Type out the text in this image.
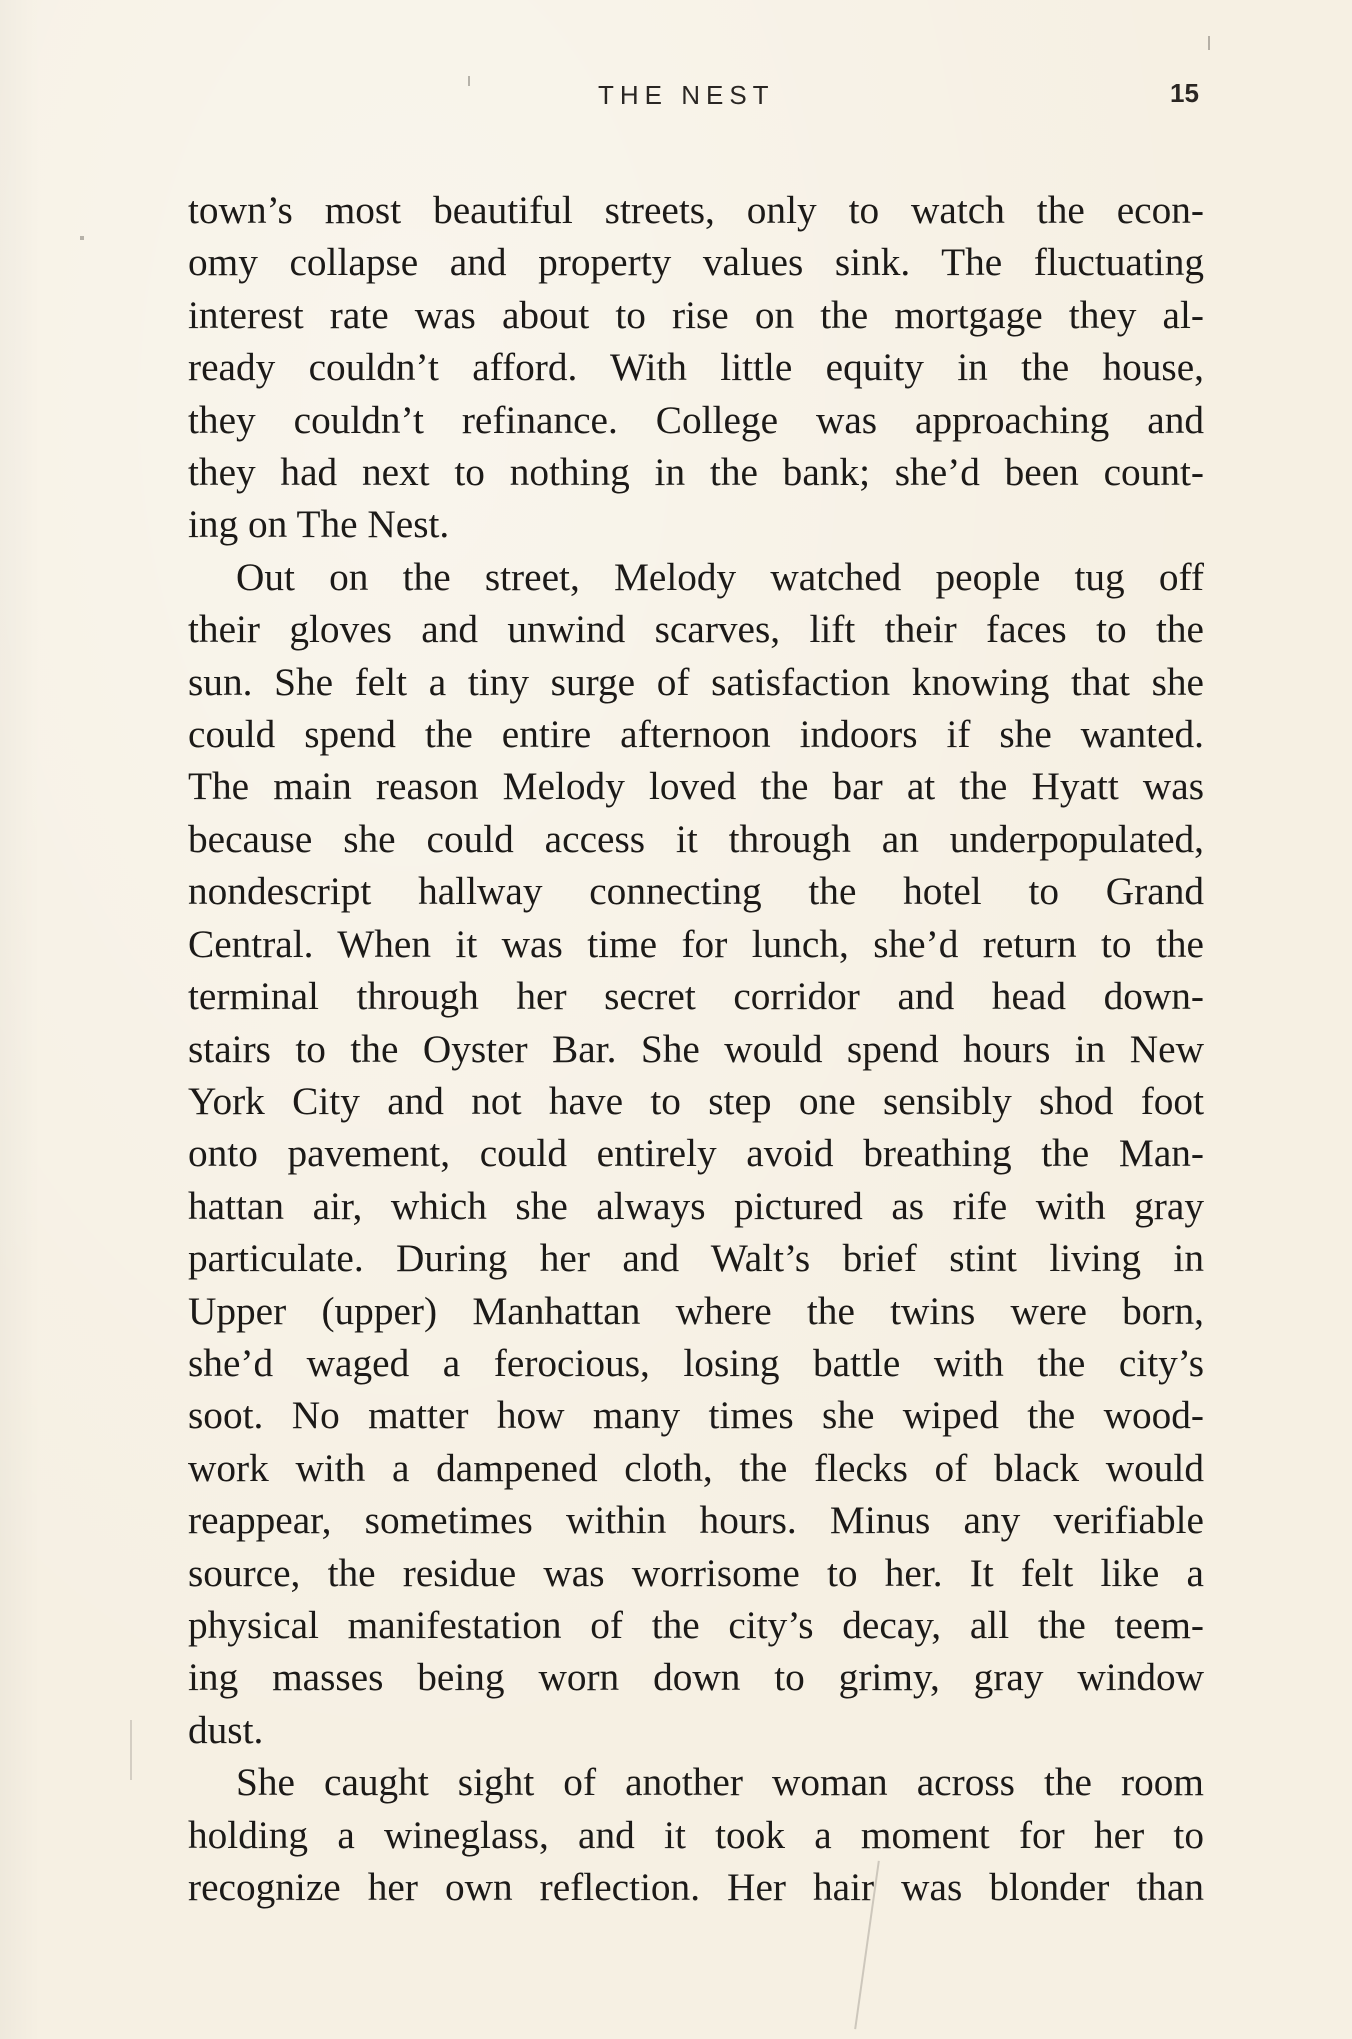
THE NEST	15

town’s most beautiful streets, only to watch the econ-
omy collapse and property values sink. The fluctuating
interest rate was about to rise on the mortgage they al-
ready couldn’t afford. With little equity in the house,
they couldn’t refinance. College was approaching and
they had next to nothing in the bank; she’d been count-
ing on The Nest.

Out on the street, Melody watched people tug off
their gloves and unwind scarves, lift their faces to the
sun. She felt a tiny surge of satisfaction knowing that she
could spend the entire afternoon indoors if she wanted.
The main reason Melody loved the bar at the Hyatt was
because she could access it through an underpopulated,
nondescript hallway connecting the hotel to Grand
Central. When it was time for lunch, she’d return to the
terminal through her secret corridor and head down-
stairs to the Oyster Bar. She would spend hours in New
York City and not have to step one sensibly shod foot
onto pavement, could entirely avoid breathing the Man-
hattan air, which she always pictured as rife with gray
particulate. During her and Walt’s brief stint living in
Upper (upper) Manhattan where the twins were born,
she’d waged a ferocious, losing battle with the city’s
soot. No matter how many times she wiped the wood-
work with a dampened cloth, the flecks of black would
reappear, sometimes within hours. Minus any verifiable
source, the residue was worrisome to her. It felt like a
physical manifestation of the city’s decay, all the teem-
ing masses being worn down to grimy, gray window
dust.

She caught sight of another woman across the room
holding a wineglass, and it took a moment for her to
recognize her own reflection. Her hair was blonder than
